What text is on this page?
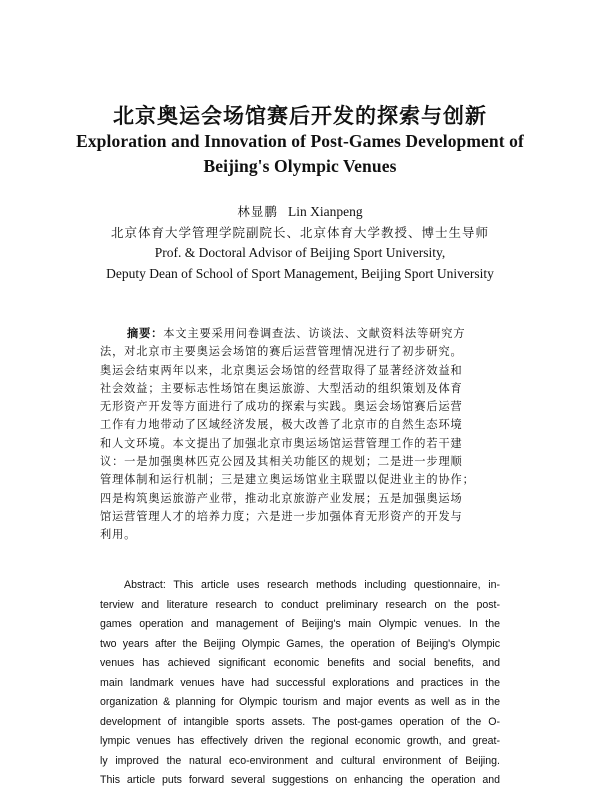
北京奥运会场馆赛后开发的探索与创新
Exploration and Innovation of Post-Games Development of
Beijing's Olympic Venues
林显鹏 Lin Xianpeng
北京体育大学管理学院副院长、北京体育大学教授、博士生导师
Prof. & Doctoral Advisor of Beijing Sport University,
Deputy Dean of School of Sport Management, Beijing Sport University
摘要：本文主要采用问卷调查法、访谈法、文献资料法等研究方
法，对北京市主要奥运会场馆的赛后运营管理情况进行了初步研究。
奥运会结束两年以来，北京奥运会场馆的经营取得了显著经济效益和
社会效益；主要标志性场馆在奥运旅游、大型活动的组织策划及体育
无形资产开发等方面进行了成功的探索与实践。奥运会场馆赛后运营
工作有力地带动了区域经济发展，极大改善了北京市的自然生态环境
和人文环境。本文提出了加强北京市奥运场馆运营管理工作的若干建
议：一是加强奥林匹克公园及其相关功能区的规划；二是进一步理顺
管理体制和运行机制；三是建立奥运场馆业主联盟以促进业主的协作；
四是构筑奥运旅游产业带，推动北京旅游产业发展；五是加强奥运场
馆运营管理人才的培养力度；六是进一步加强体育无形资产的开发与
利用。
Abstract: This article uses research methods including questionnaire, in-
terview and literature research to conduct preliminary research on the post-
games operation and management of Beijing's main Olympic venues. In the
two years after the Beijing Olympic Games, the operation of Beijing's Olympic
venues has achieved significant economic benefits and social benefits, and
main landmark venues have had successful explorations and practices in the
organization & planning for Olympic tourism and major events as well as in the
development of intangible sports assets. The post-games operation of the O-
lympic venues has effectively driven the regional economic growth, and great-
ly improved the natural eco-environment and cultural environment of Beijing.
This article puts forward several suggestions on enhancing the operation and
